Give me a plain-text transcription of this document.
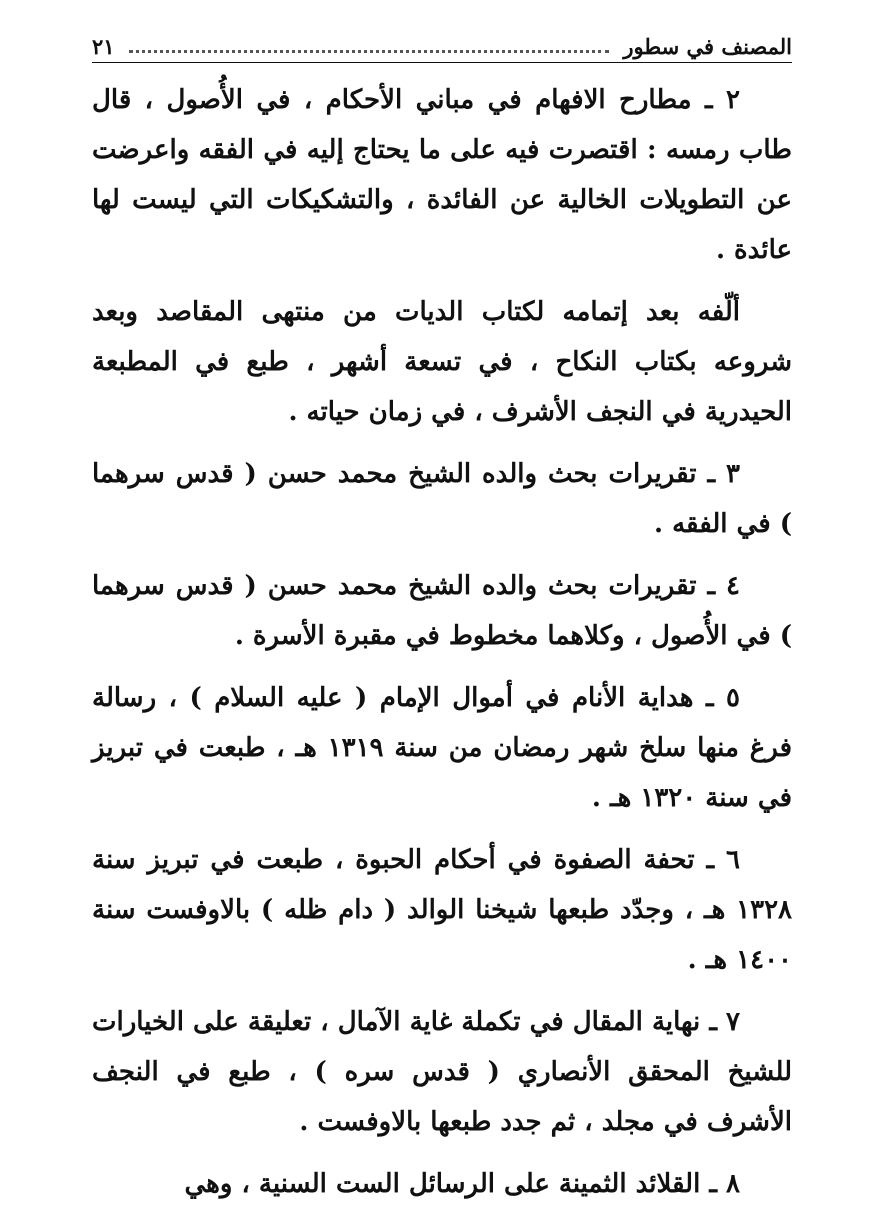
المصنف في سطور
٢١

٢ ـ مطارح الافهام في مباني الأحكام ، في الأُصول ، قال طاب رمسه : اقتصرت فيه على ما يحتاج إليه في الفقه واعرضت عن التطويلات الخالية عن الفائدة ، والتشكيكات التي ليست لها عائدة .

ألّفه بعد إتمامه لكتاب الديات من منتهى المقاصد وبعد شروعه بكتاب النكاح ، في تسعة أشهر ، طبع في المطبعة الحيدرية في النجف الأشرف ، في زمان حياته .

٣ ـ تقريرات بحث والده الشيخ محمد حسن ( قدس سرهما ) في الفقه .

٤ ـ تقريرات بحث والده الشيخ محمد حسن ( قدس سرهما ) في الأُصول ، وكلاهما مخطوط في مقبرة الأسرة .

٥ ـ هداية الأنام في أموال الإمام ( عليه السلام ) ، رسالة فرغ منها سلخ شهر رمضان من سنة ١٣١٩ هـ ، طبعت في تبريز في سنة ١٣٢٠ هـ .

٦ ـ تحفة الصفوة في أحكام الحبوة ، طبعت في تبريز سنة ١٣٢٨ هـ ، وجدّد طبعها شيخنا الوالد ( دام ظله ) بالاوفست سنة ١٤٠٠ هـ .

٧ ـ نهاية المقال في تكملة غاية الآمال ، تعليقة على الخيارات للشيخ المحقق الأنصاري ( قدس سره ) ، طبع في النجف الأشرف في مجلد ، ثم جدد طبعها بالاوفست .

٨ ـ القلائد الثمينة على الرسائل الست السنية ، وهي
